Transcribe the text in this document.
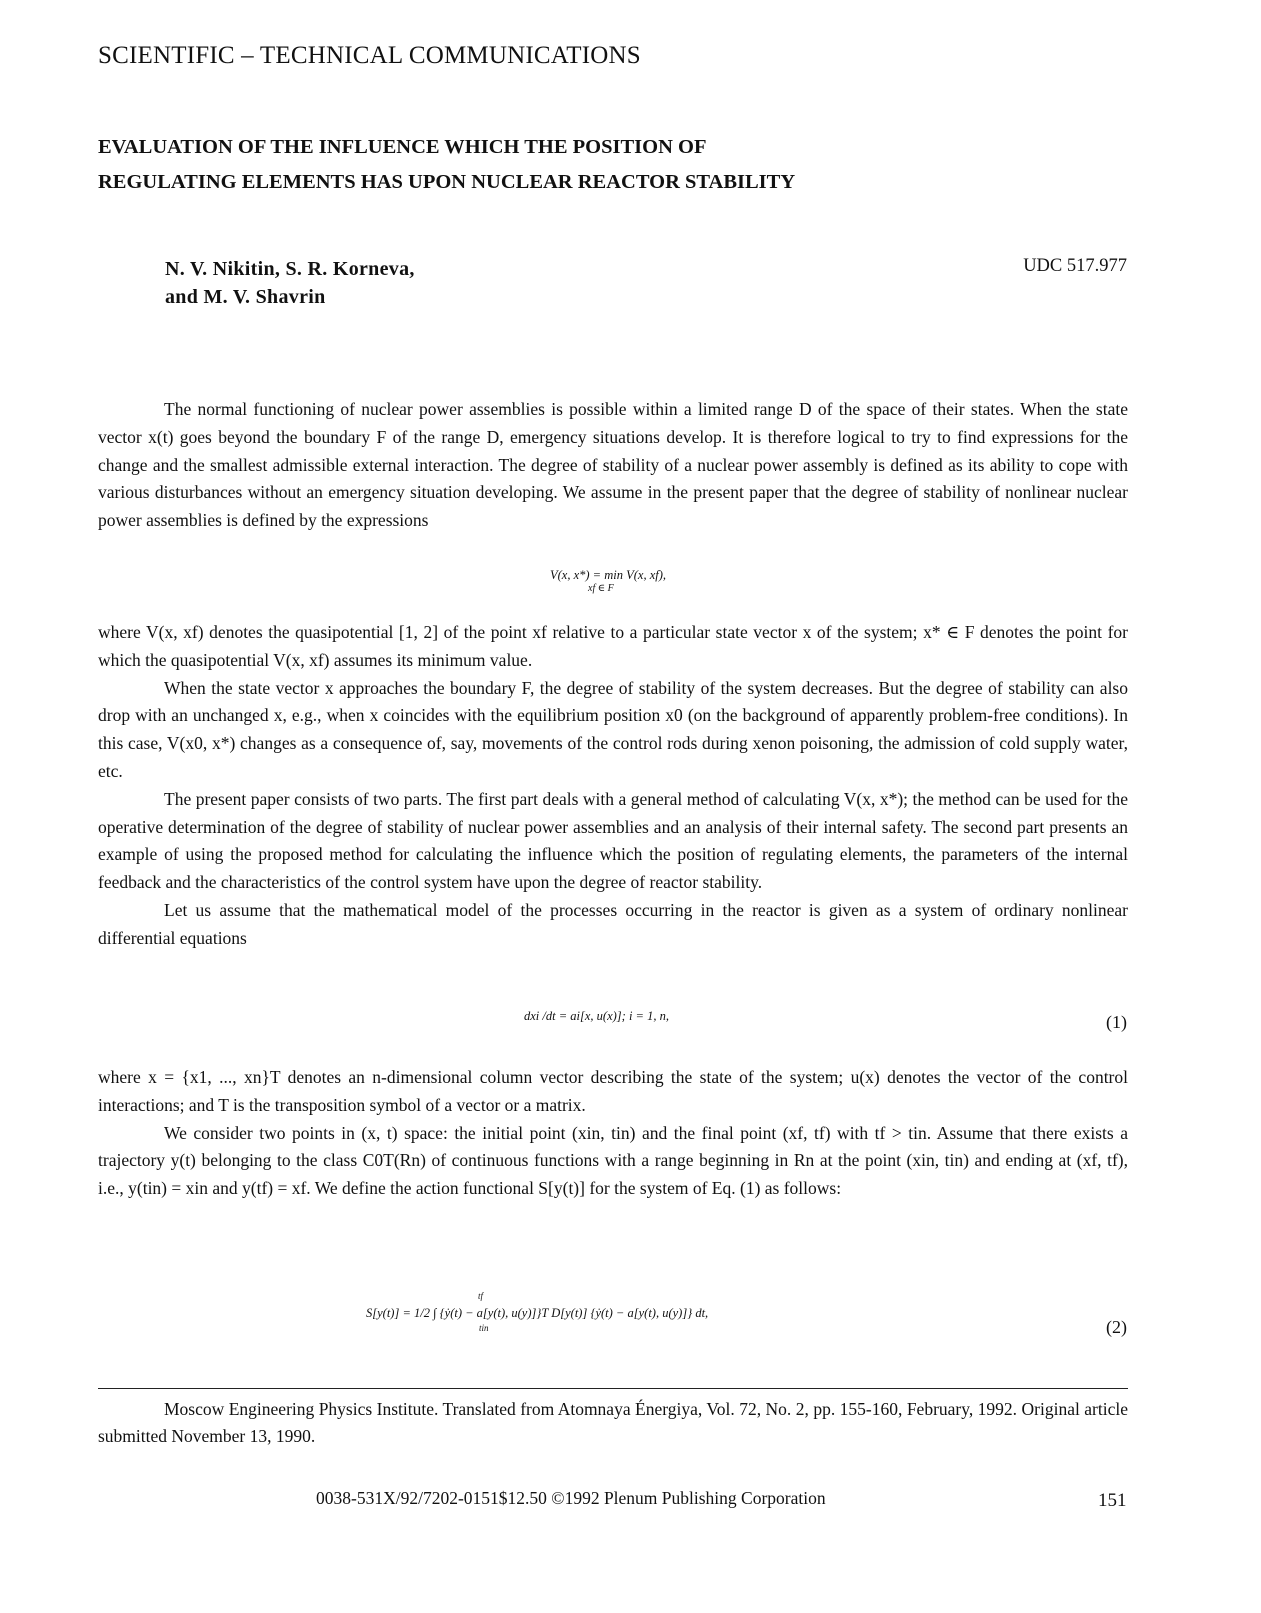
SCIENTIFIC – TECHNICAL COMMUNICATIONS
EVALUATION OF THE INFLUENCE WHICH THE POSITION OF
REGULATING ELEMENTS HAS UPON NUCLEAR REACTOR STABILITY
N. V. Nikitin, S. R. Korneva,
and M. V. Shavrin
UDC 517.977

The normal functioning of nuclear power assemblies is possible within a limited range D of the space of their states. When the state vector x(t) goes beyond the boundary F of the range D, emergency situations develop. It is therefore logical to try to find expressions for the change and the smallest admissible external interaction. The degree of stability of a nuclear power assembly is defined as its ability to cope with various disturbances without an emergency situation developing. We assume in the present paper that the degree of stability of nonlinear nuclear power assemblies is defined by the expressions

V(x, x*) = min V(x, xf),
xf ∈ F

where V(x, xf) denotes the quasipotential [1, 2] of the point xf relative to a particular state vector x of the system; x* ∈ F denotes the point for which the quasipotential V(x, xf) assumes its minimum value.

When the state vector x approaches the boundary F, the degree of stability of the system decreases. But the degree of stability can also drop with an unchanged x, e.g., when x coincides with the equilibrium position x0 (on the background of apparently problem-free conditions). In this case, V(x0, x*) changes as a consequence of, say, movements of the control rods during xenon poisoning, the admission of cold supply water, etc.

The present paper consists of two parts. The first part deals with a general method of calculating V(x, x*); the method can be used for the operative determination of the degree of stability of nuclear power assemblies and an analysis of their internal safety. The second part presents an example of using the proposed method for calculating the influence which the position of regulating elements, the parameters of the internal feedback and the characteristics of the control system have upon the degree of reactor stability.

Let us assume that the mathematical model of the processes occurring in the reactor is given as a system of ordinary nonlinear differential equations

dxi /dt = ai[x, u(x)]; i = 1, n,	(1)

where x = {x1, ..., xn}T denotes an n-dimensional column vector describing the state of the system; u(x) denotes the vector of the control interactions; and T is the transposition symbol of a vector or a matrix.

We consider two points in (x, t) space: the initial point (xin, tin) and the final point (xf, tf) with tf > tin. Assume that there exists a trajectory y(t) belonging to the class C0T(Rn) of continuous functions with a range beginning in Rn at the point (xin, tin) and ending at (xf, tf), i.e., y(tin) = xin and y(tf) = xf. We define the action functional S[y(t)] for the system of Eq. (1) as follows:

tf
S[y(t)] = 1/2 ∫ {ẏ(t) − a[y(t), u(y)]}T D[y(t)] {ẏ(t) − a[y(t), u(y)]} dt,
tin	(2)

Moscow Engineering Physics Institute. Translated from Atomnaya Énergiya, Vol. 72, No. 2, pp. 155-160, February, 1992. Original article submitted November 13, 1990.

0038-531X/92/7202-0151$12.50 ©1992 Plenum Publishing Corporation	151
